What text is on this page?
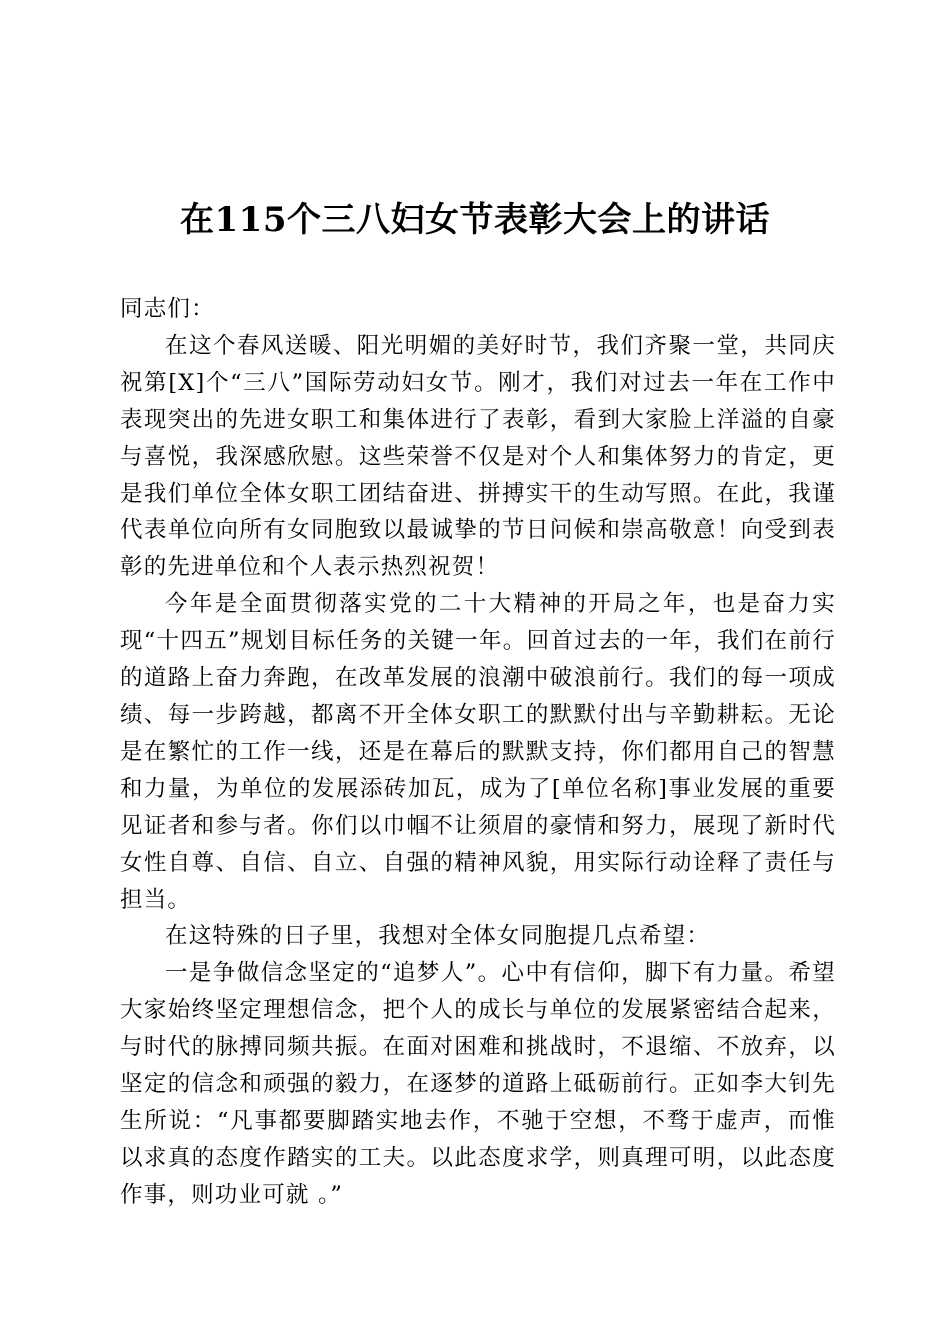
在115个三八妇女节表彰大会上的讲话

同志们：

在这个春风送暖、阳光明媚的美好时节，我们齐聚一堂，共同庆祝第[X]个“三八”国际劳动妇女节。刚才，我们对过去一年在工作中表现突出的先进女职工和集体进行了表彰，看到大家脸上洋溢的自豪与喜悦，我深感欣慰。这些荣誉不仅是对个人和集体努力的肯定，更是我们单位全体女职工团结奋进、拼搏实干的生动写照。在此，我谨代表单位向所有女同胞致以最诚挚的节日问候和崇高敬意！向受到表彰的先进单位和个人表示热烈祝贺！

今年是全面贯彻落实党的二十大精神的开局之年，也是奋力实现“十四五”规划目标任务的关键一年。回首过去的一年，我们在前行的道路上奋力奔跑，在改革发展的浪潮中破浪前行。我们的每一项成绩、每一步跨越，都离不开全体女职工的默默付出与辛勤耕耘。无论是在繁忙的工作一线，还是在幕后的默默支持，你们都用自己的智慧和力量，为单位的发展添砖加瓦，成为了[单位名称]事业发展的重要见证者和参与者。你们以巾帼不让须眉的豪情和努力，展现了新时代女性自尊、自信、自立、自强的精神风貌，用实际行动诠释了责任与担当。

在这特殊的日子里，我想对全体女同胞提几点希望：

一是争做信念坚定的“追梦人”。心中有信仰，脚下有力量。希望大家始终坚定理想信念，把个人的成长与单位的发展紧密结合起来，与时代的脉搏同频共振。在面对困难和挑战时，不退缩、不放弃，以坚定的信念和顽强的毅力，在逐梦的道路上砥砺前行。正如李大钊先生所说：“凡事都要脚踏实地去作，不驰于空想，不骛于虚声，而惟以求真的态度作踏实的工夫。以此态度求学，则真理可明，以此态度作事，则功业可就 。”
